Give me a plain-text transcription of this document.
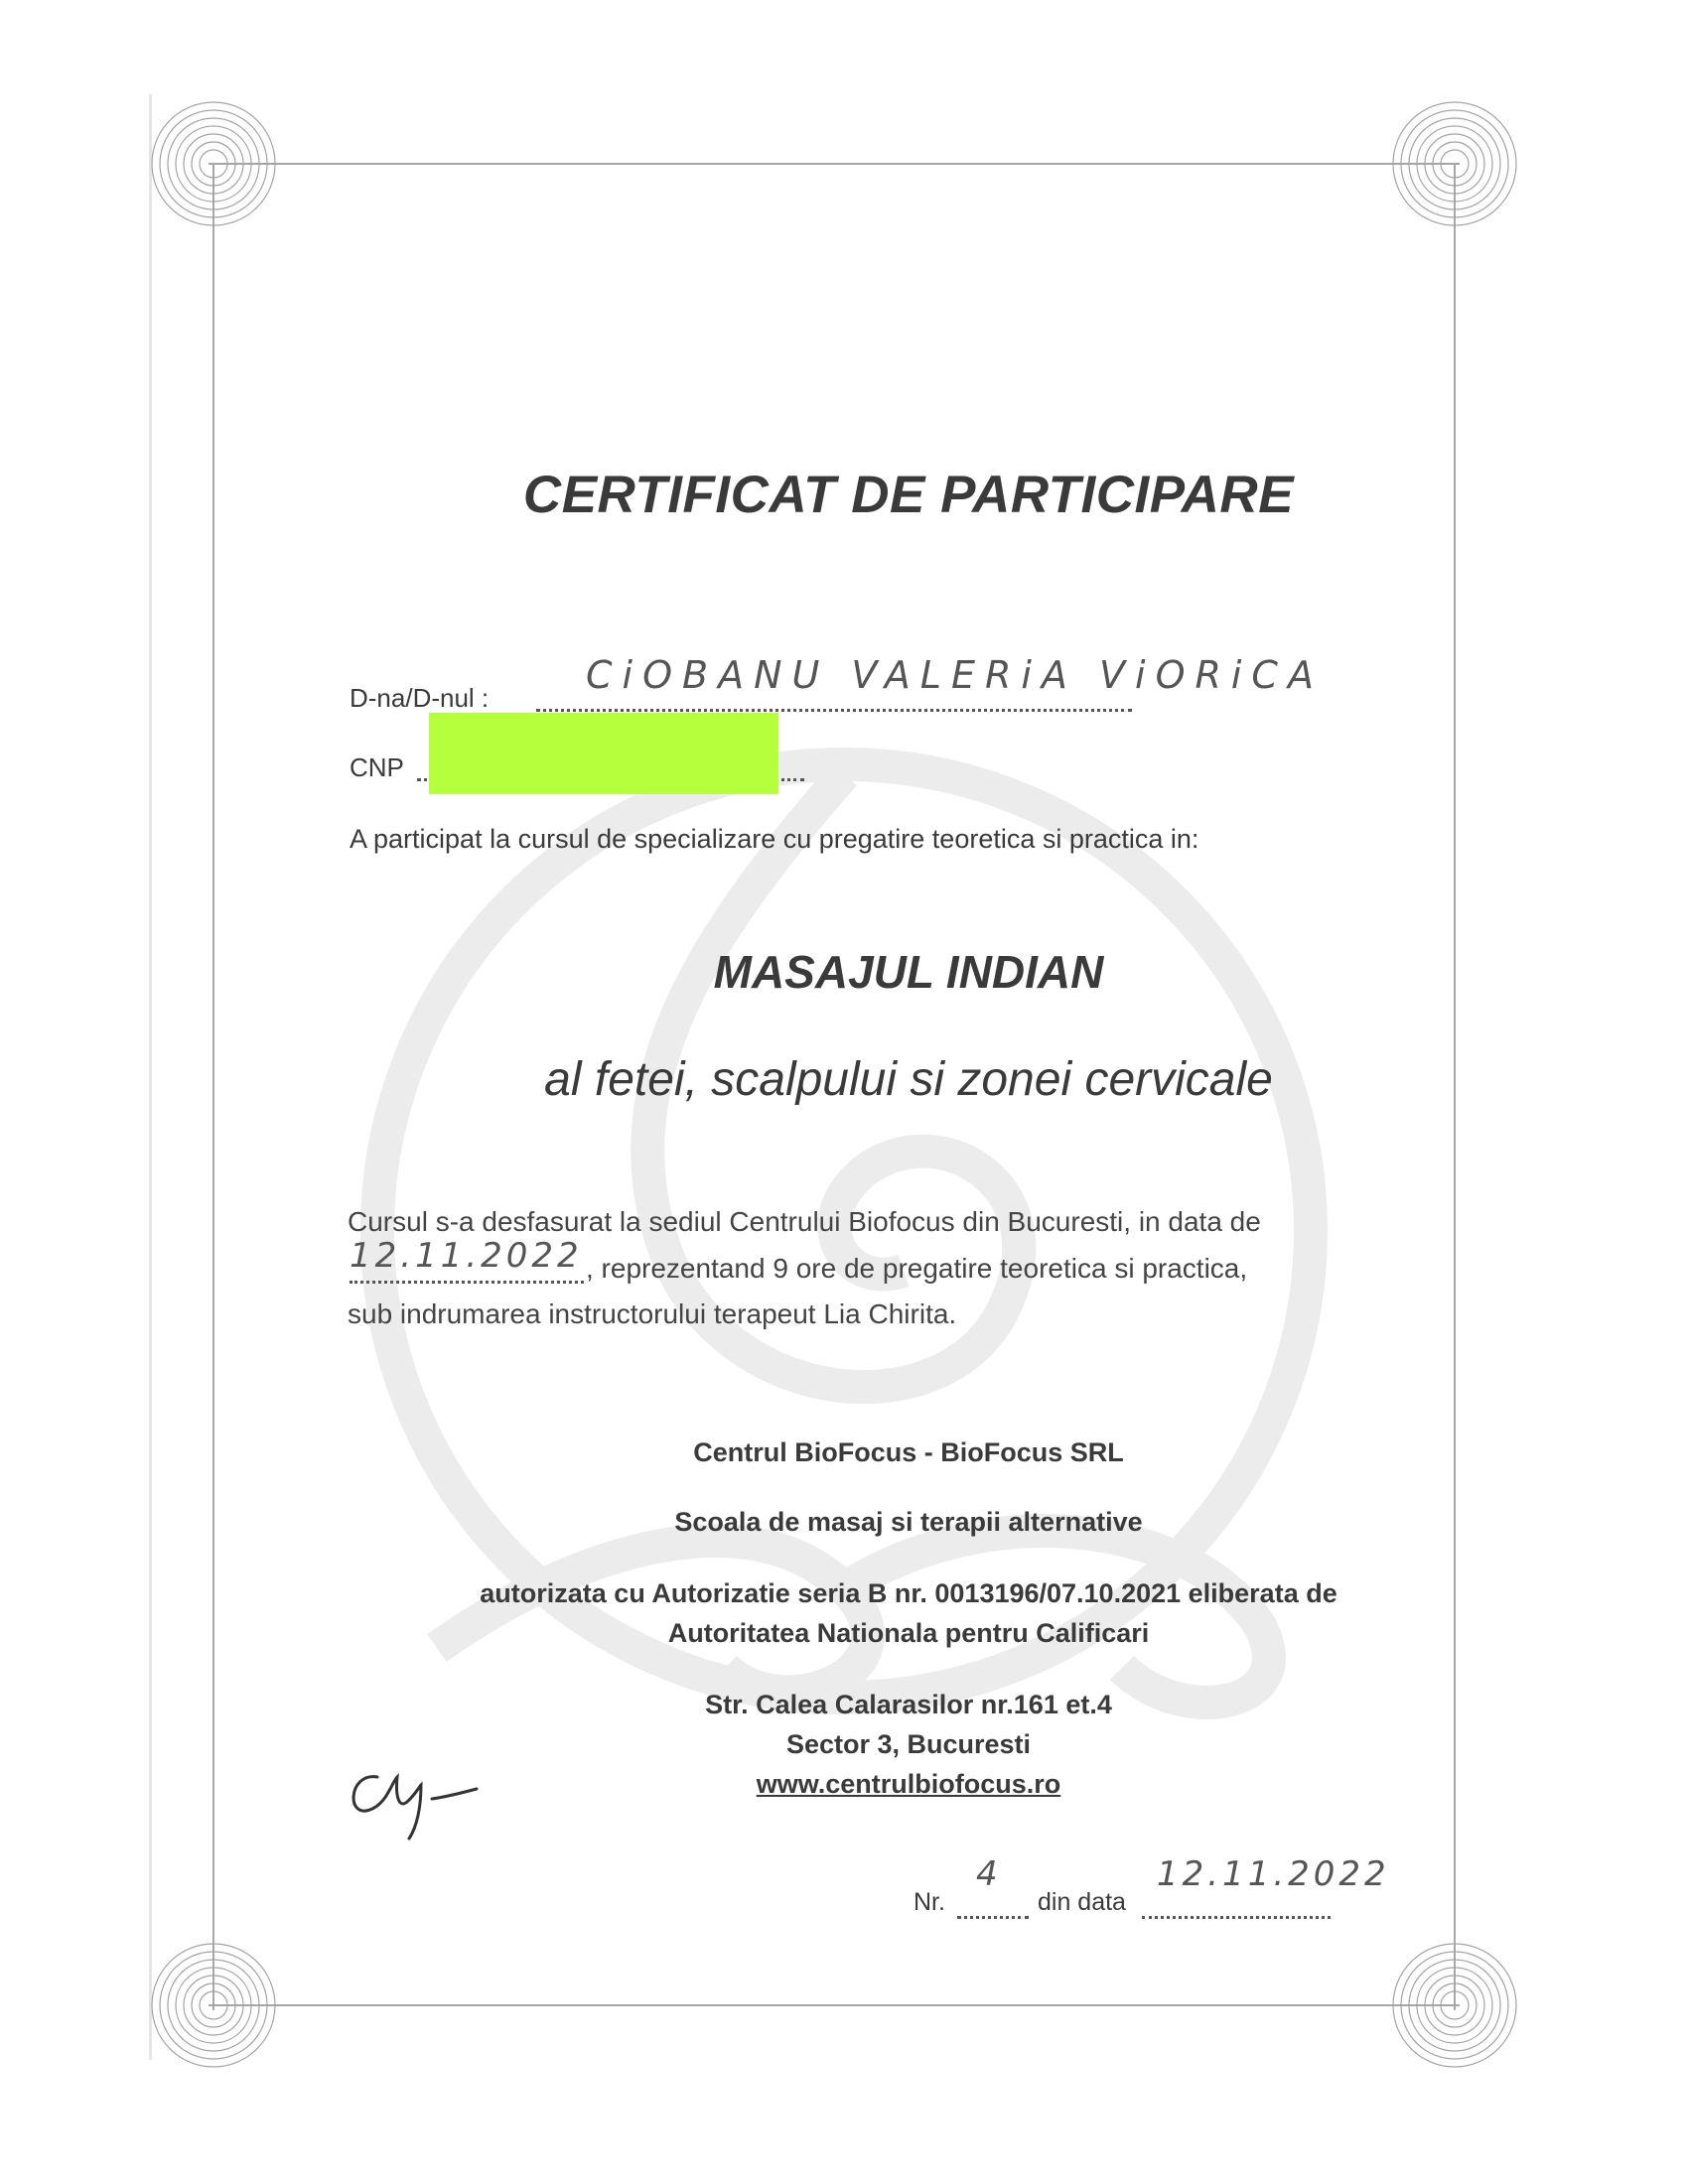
CERTIFICAT DE PARTICIPARE
D-na/D-nul :
CiOBANU VALERiA ViORiCA
CNP
A participat la cursul de specializare cu pregatire teoretica si practica in:
MASAJUL INDIAN
al fetei, scalpului si zonei cervicale
Cursul s-a desfasurat la sediul Centrului Biofocus din Bucuresti, in data de
12.11.2022 , reprezentand 9 ore de pregatire teoretica si practica,
sub indrumarea instructorului terapeut Lia Chirita.
Centrul BioFocus - BioFocus SRL
Scoala de masaj si terapii alternative
autorizata cu Autorizatie seria B nr. 0013196/07.10.2021 eliberata de
Autoritatea Nationala pentru Calificari
Str. Calea Calarasilor nr.161 et.4
Sector 3, Bucuresti
www.centrulbiofocus.ro
Nr.
4
din data
12.11.2022
